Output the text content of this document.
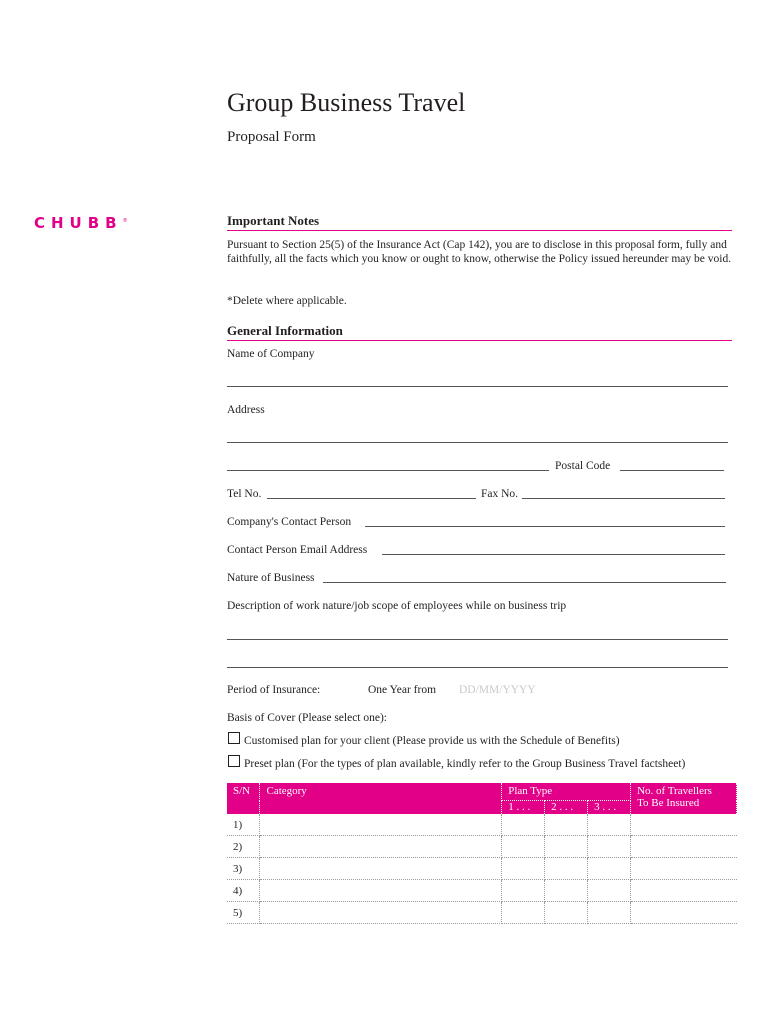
Group Business Travel
Proposal Form
CHUBB®	Important Notes
Pursuant to Section 25(5) of the Insurance Act (Cap 142), you are to disclose in this proposal form, fully and faithfully, all the facts which you know or ought to know, otherwise the Policy issued hereunder may be void.
*Delete where applicable.
General Information
Name of Company
Address
Postal Code
Tel No.	Fax No.
Company's Contact Person
Contact Person Email Address
Nature of Business
Description of work nature/job scope of employees while on business trip
Period of Insurance:	One Year from DD/MM/YYYY
Basis of Cover (Please select one):
Customised plan for your client (Please provide us with the Schedule of Benefits)
Preset plan (For the types of plan available, kindly refer to the Group Business Travel factsheet)
S/N	Category	Plan Type			No. of Travellers
To Be Insured
		1 . . .	2 . . .	3 . . .	
1)					
2)					
3)					
4)					
5)					
